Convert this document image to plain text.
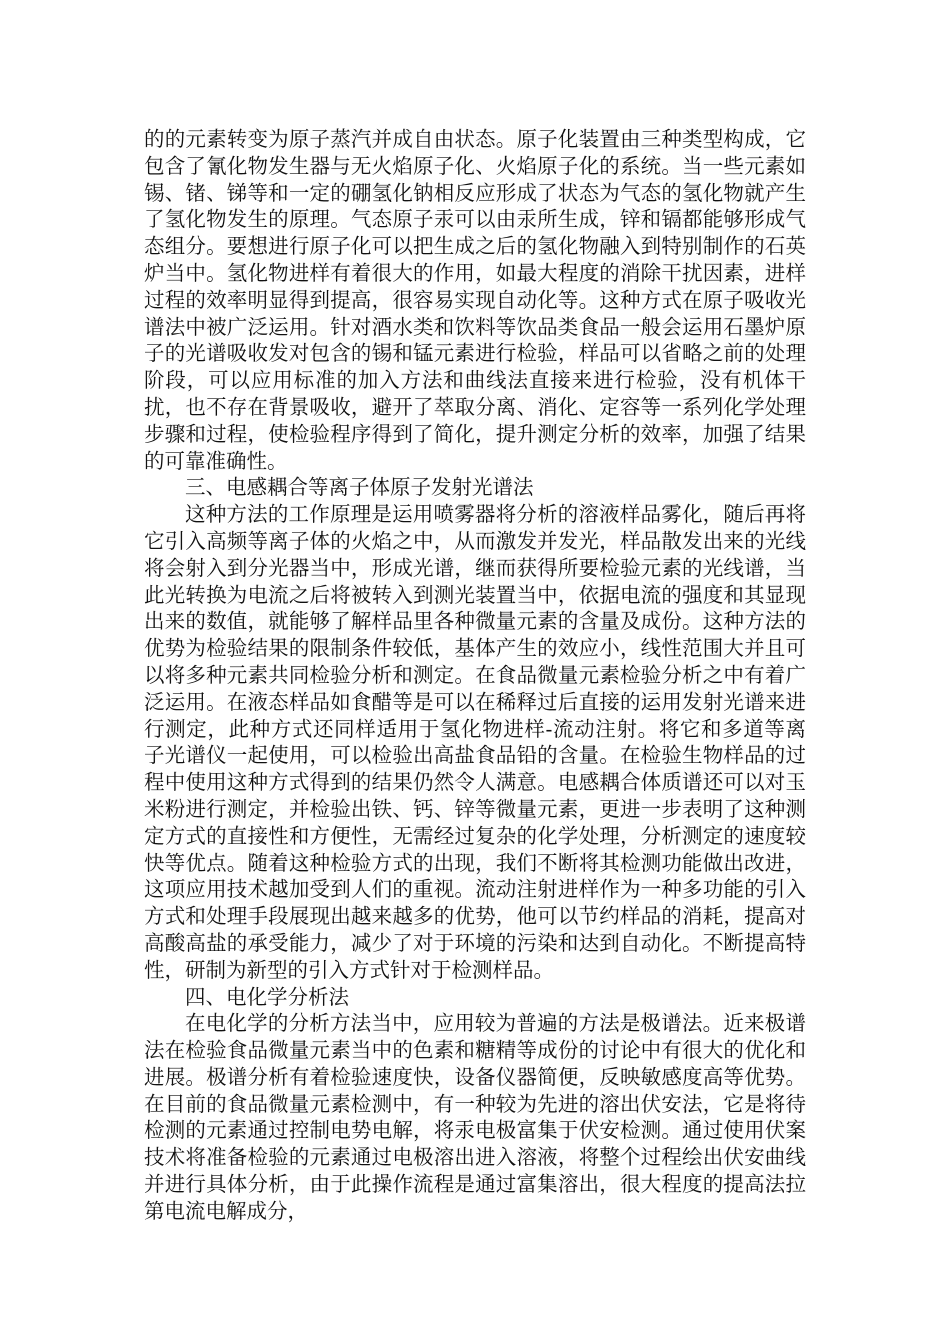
的的元素转变为原子蒸汽并成自由状态。原子化装置由三种类型构成，它包含了氰化物发生器与无火焰原子化、火焰原子化的系统。当一些元素如锡、锗、锑等和一定的硼氢化钠相反应形成了状态为气态的氢化物就产生了氢化物发生的原理。气态原子汞可以由汞所生成，锌和镉都能够形成气态组分。要想进行原子化可以把生成之后的氢化物融入到特别制作的石英炉当中。氢化物进样有着很大的作用，如最大程度的消除干扰因素，进样过程的效率明显得到提高，很容易实现自动化等。这种方式在原子吸收光谱法中被广泛运用。针对酒水类和饮料等饮品类食品一般会运用石墨炉原子的光谱吸收发对包含的锡和锰元素进行检验，样品可以省略之前的处理阶段，可以应用标准的加入方法和曲线法直接来进行检验，没有机体干扰，也不存在背景吸收，避开了萃取分离、消化、定容等一系列化学处理步骤和过程，使检验程序得到了简化，提升测定分析的效率，加强了结果的可靠准确性。

三、电感耦合等离子体原子发射光谱法

这种方法的工作原理是运用喷雾器将分析的溶液样品雾化，随后再将它引入高频等离子体的火焰之中，从而激发并发光，样品散发出来的光线将会射入到分光器当中，形成光谱，继而获得所要检验元素的光线谱，当此光转换为电流之后将被转入到测光装置当中，依据电流的强度和其显现出来的数值，就能够了解样品里各种微量元素的含量及成份。这种方法的优势为检验结果的限制条件较低，基体产生的效应小，线性范围大并且可以将多种元素共同检验分析和测定。在食品微量元素检验分析之中有着广泛运用。在液态样品如食醋等是可以在稀释过后直接的运用发射光谱来进行测定，此种方式还同样适用于氢化物进样-流动注射。将它和多道等离子光谱仪一起使用，可以检验出高盐食品铅的含量。在检验生物样品的过程中使用这种方式得到的结果仍然令人满意。电感耦合体质谱还可以对玉米粉进行测定，并检验出铁、钙、锌等微量元素，更进一步表明了这种测定方式的直接性和方便性，无需经过复杂的化学处理，分析测定的速度较快等优点。随着这种检验方式的出现，我们不断将其检测功能做出改进，这项应用技术越加受到人们的重视。流动注射进样作为一种多功能的引入方式和处理手段展现出越来越多的优势，他可以节约样品的消耗，提高对高酸高盐的承受能力，减少了对于环境的污染和达到自动化。不断提高特性，研制为新型的引入方式针对于检测样品。

四、电化学分析法

在电化学的分析方法当中，应用较为普遍的方法是极谱法。近来极谱法在检验食品微量元素当中的色素和糖精等成份的讨论中有很大的优化和进展。极谱分析有着检验速度快，设备仪器简便，反映敏感度高等优势。在目前的食品微量元素检测中，有一种较为先进的溶出伏安法，它是将待检测的元素通过控制电势电解，将汞电极富集于伏安检测。通过使用伏案技术将准备检验的元素通过电极溶出进入溶液，将整个过程绘出伏安曲线并进行具体分析，由于此操作流程是通过富集溶出，很大程度的提高法拉第电流电解成分，
